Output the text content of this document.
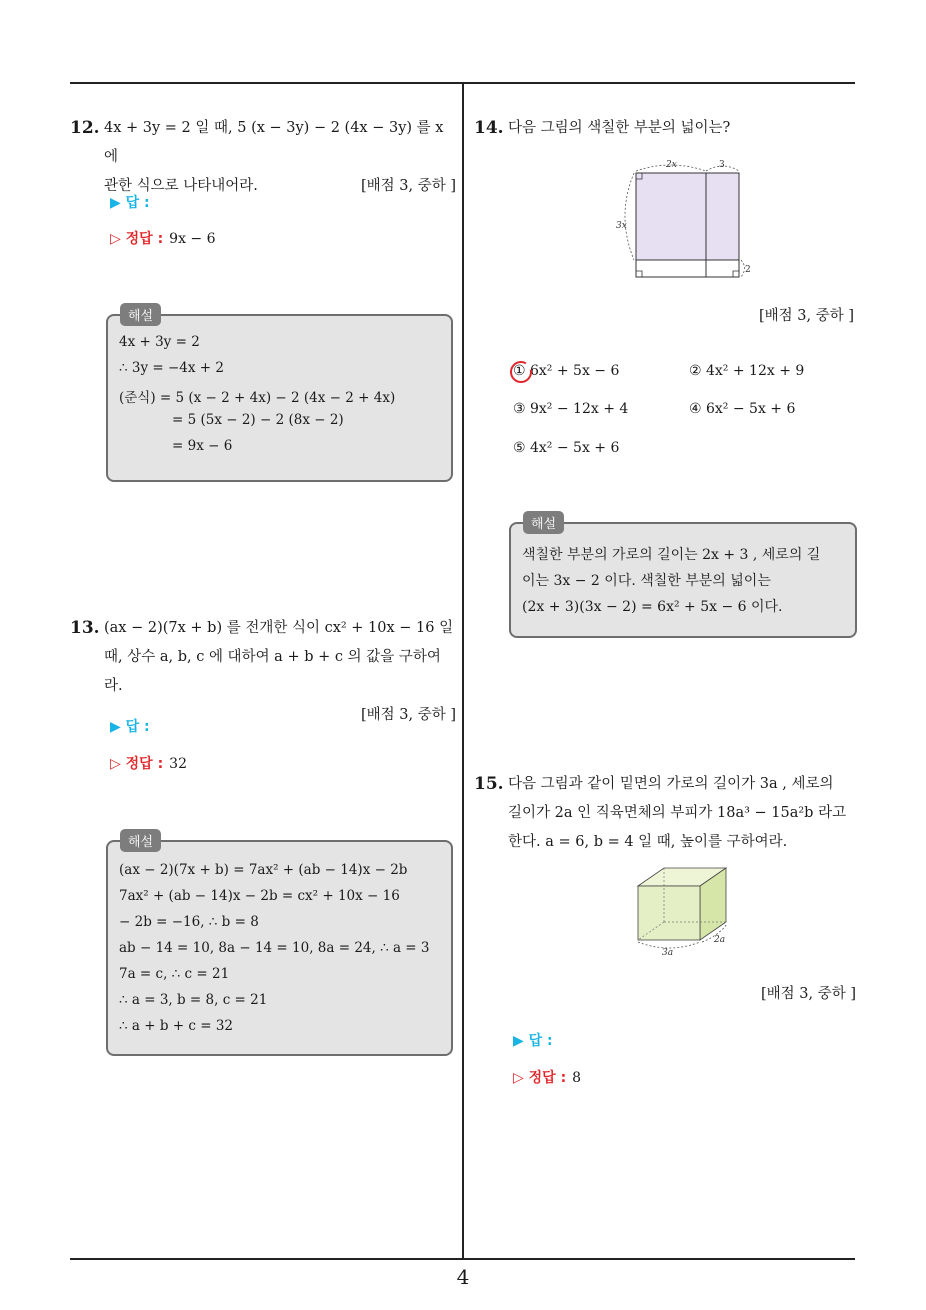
12. 4x + 3y = 2 일 때, 5 (x − 3y) − 2 (4x − 3y) 를 x 에
관한 식으로 나타내어라.	[배점 3, 중하 ]
▶ 답 :
▷ 정답 : 9x − 6
해설
4x + 3y = 2
∴ 3y = −4x + 2
(준식) = 5 (x − 2 + 4x) − 2 (4x − 2 + 4x)
= 5 (5x − 2) − 2 (8x − 2)
= 9x − 6
13. (ax − 2)(7x + b) 를 전개한 식이 cx² + 10x − 16 일
때, 상수 a, b, c 에 대하여 a + b + c 의 값을 구하여라.
[배점 3, 중하 ]
▶ 답 :
▷ 정답 : 32
해설
(ax − 2)(7x + b) = 7ax² + (ab − 14)x − 2b
7ax² + (ab − 14)x − 2b = cx² + 10x − 16
− 2b = −16, ∴ b = 8
ab − 14 = 10, 8a − 14 = 10, 8a = 24, ∴ a = 3
7a = c, ∴ c = 21
∴ a = 3, b = 8, c = 21
∴ a + b + c = 32
14. 다음 그림의 색칠한 부분의 넓이는?
2x	3
3x
2
[배점 3, 중하 ]
① 6x² + 5x − 6	② 4x² + 12x + 9
③ 9x² − 12x + 4	④ 6x² − 5x + 6
⑤ 4x² − 5x + 6
해설
색칠한 부분의 가로의 길이는 2x + 3 , 세로의 길
이는 3x − 2 이다. 색칠한 부분의 넓이는
(2x + 3)(3x − 2) = 6x² + 5x − 6 이다.
15. 다음 그림과 같이 밑면의 가로의 길이가 3a , 세로의
길이가 2a 인 직육면체의 부피가 18a³ − 15a²b 라고
한다. a = 6, b = 4 일 때, 높이를 구하여라.
3a
2a
[배점 3, 중하 ]
▶ 답 :
▷ 정답 : 8
4
